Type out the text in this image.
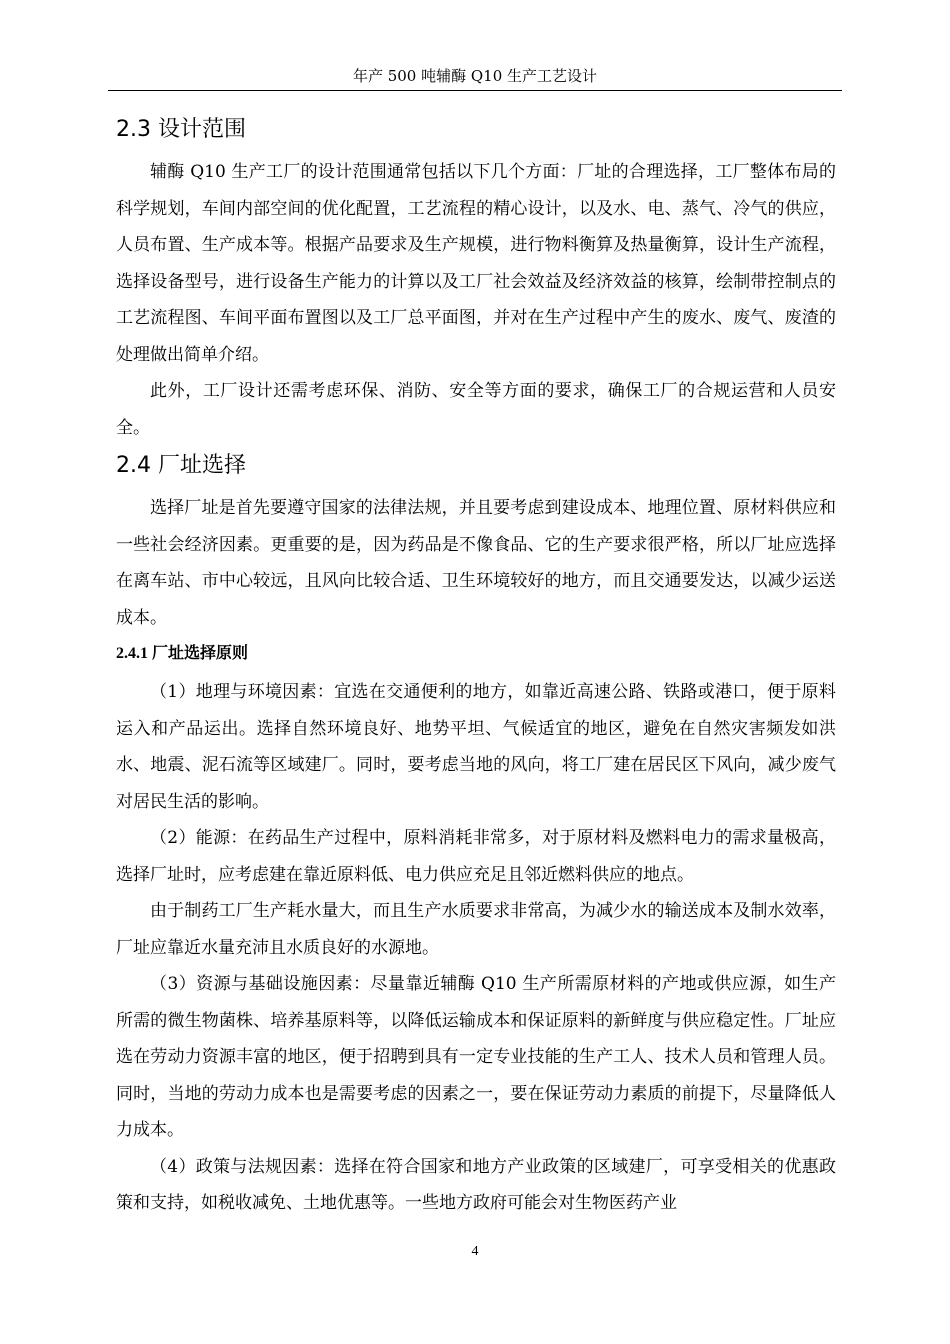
年产 500 吨辅酶 Q10 生产工艺设计
2.3 设计范围

辅酶 Q10 生产工厂的设计范围通常包括以下几个方面：厂址的合理选择，工厂整体布局的科学规划，车间内部空间的优化配置，工艺流程的精心设计，以及水、电、蒸气、冷气的供应，人员布置、生产成本等。根据产品要求及生产规模，进行物料衡算及热量衡算，设计生产流程，选择设备型号，进行设备生产能力的计算以及工厂社会效益及经济效益的核算，绘制带控制点的工艺流程图、车间平面布置图以及工厂总平面图，并对在生产过程中产生的废水、废气、废渣的处理做出简单介绍。

此外，工厂设计还需考虑环保、消防、安全等方面的要求，确保工厂的合规运营和人员安全。

2.4 厂址选择

选择厂址是首先要遵守国家的法律法规，并且要考虑到建设成本、地理位置、原材料供应和一些社会经济因素。更重要的是，因为药品是不像食品、它的生产要求很严格，所以厂址应选择在离车站、市中心较远，且风向比较合适、卫生环境较好的地方，而且交通要发达，以减少运送成本。

2.4.1 厂址选择原则

（1）地理与环境因素：宜选在交通便利的地方，如靠近高速公路、铁路或港口，便于原料运入和产品运出。选择自然环境良好、地势平坦、气候适宜的地区，避免在自然灾害频发如洪水、地震、泥石流等区域建厂。同时，要考虑当地的风向，将工厂建在居民区下风向，减少废气对居民生活的影响。

（2）能源：在药品生产过程中，原料消耗非常多，对于原材料及燃料电力的需求量极高，选择厂址时，应考虑建在靠近原料低、电力供应充足且邻近燃料供应的地点。

由于制药工厂生产耗水量大，而且生产水质要求非常高，为减少水的输送成本及制水效率，厂址应靠近水量充沛且水质良好的水源地。

（3）资源与基础设施因素：尽量靠近辅酶 Q10 生产所需原材料的产地或供应源，如生产所需的微生物菌株、培养基原料等，以降低运输成本和保证原料的新鲜度与供应稳定性。厂址应选在劳动力资源丰富的地区，便于招聘到具有一定专业技能的生产工人、技术人员和管理人员。同时，当地的劳动力成本也是需要考虑的因素之一，要在保证劳动力素质的前提下，尽量降低人力成本。

（4）政策与法规因素：选择在符合国家和地方产业政策的区域建厂，可享受相关的优惠政策和支持，如税收减免、土地优惠等。一些地方政府可能会对生物医药产业

4
